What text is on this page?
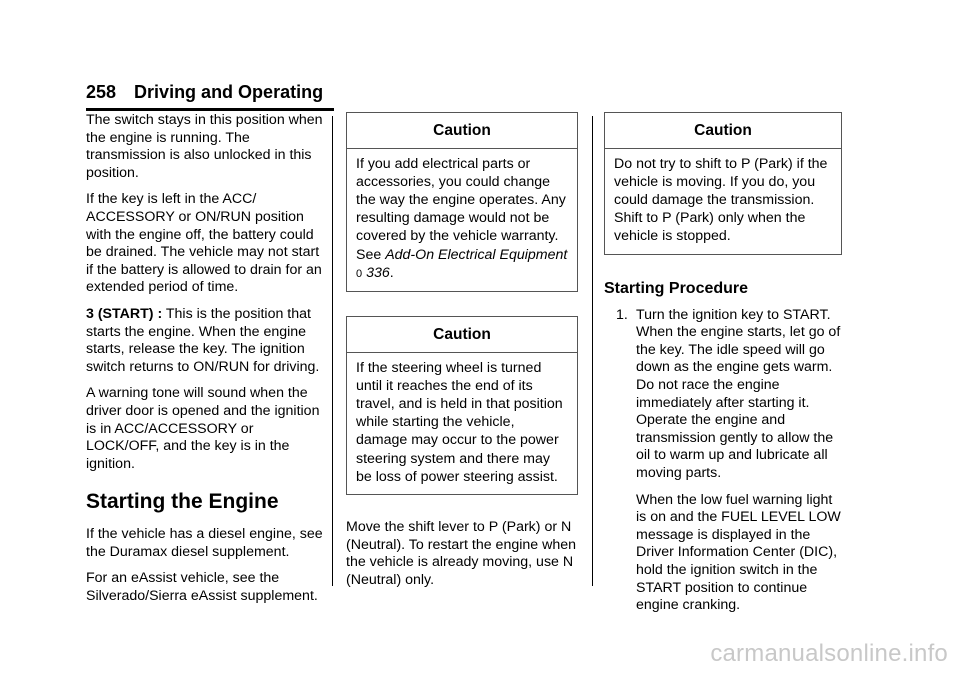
258 Driving and Operating

The switch stays in this position when the engine is running. The transmission is also unlocked in this position.

If the key is left in the ACC/ ACCESSORY or ON/RUN position with the engine off, the battery could be drained. The vehicle may not start if the battery is allowed to drain for an extended period of time.

3 (START) : This is the position that starts the engine. When the engine starts, release the key. The ignition switch returns to ON/RUN for driving.

A warning tone will sound when the driver door is opened and the ignition is in ACC/ACCESSORY or LOCK/OFF, and the key is in the ignition.

Starting the Engine

If the vehicle has a diesel engine, see the Duramax diesel supplement.

For an eAssist vehicle, see the Silverado/Sierra eAssist supplement.

Caution
If you add electrical parts or accessories, you could change the way the engine operates. Any resulting damage would not be covered by the vehicle warranty. See Add-On Electrical Equipment
0 336.
Caution
If the steering wheel is turned until it reaches the end of its travel, and is held in that position while starting the vehicle, damage may occur to the power steering system and there may be loss of power steering assist.

Move the shift lever to P (Park) or N (Neutral). To restart the engine when the vehicle is already moving, use N (Neutral) only.

Caution
Do not try to shift to P (Park) if the vehicle is moving. If you do, you could damage the transmission. Shift to P (Park) only when the vehicle is stopped.
Starting Procedure
1. Turn the ignition key to START. When the engine starts, let go of the key. The idle speed will go down as the engine gets warm. Do not race the engine immediately after starting it. Operate the engine and transmission gently to allow the oil to warm up and lubricate all moving parts.

When the low fuel warning light is on and the FUEL LEVEL LOW message is displayed in the Driver Information Center (DIC), hold the ignition switch in the START position to continue engine cranking.

carmanualsonline.info
